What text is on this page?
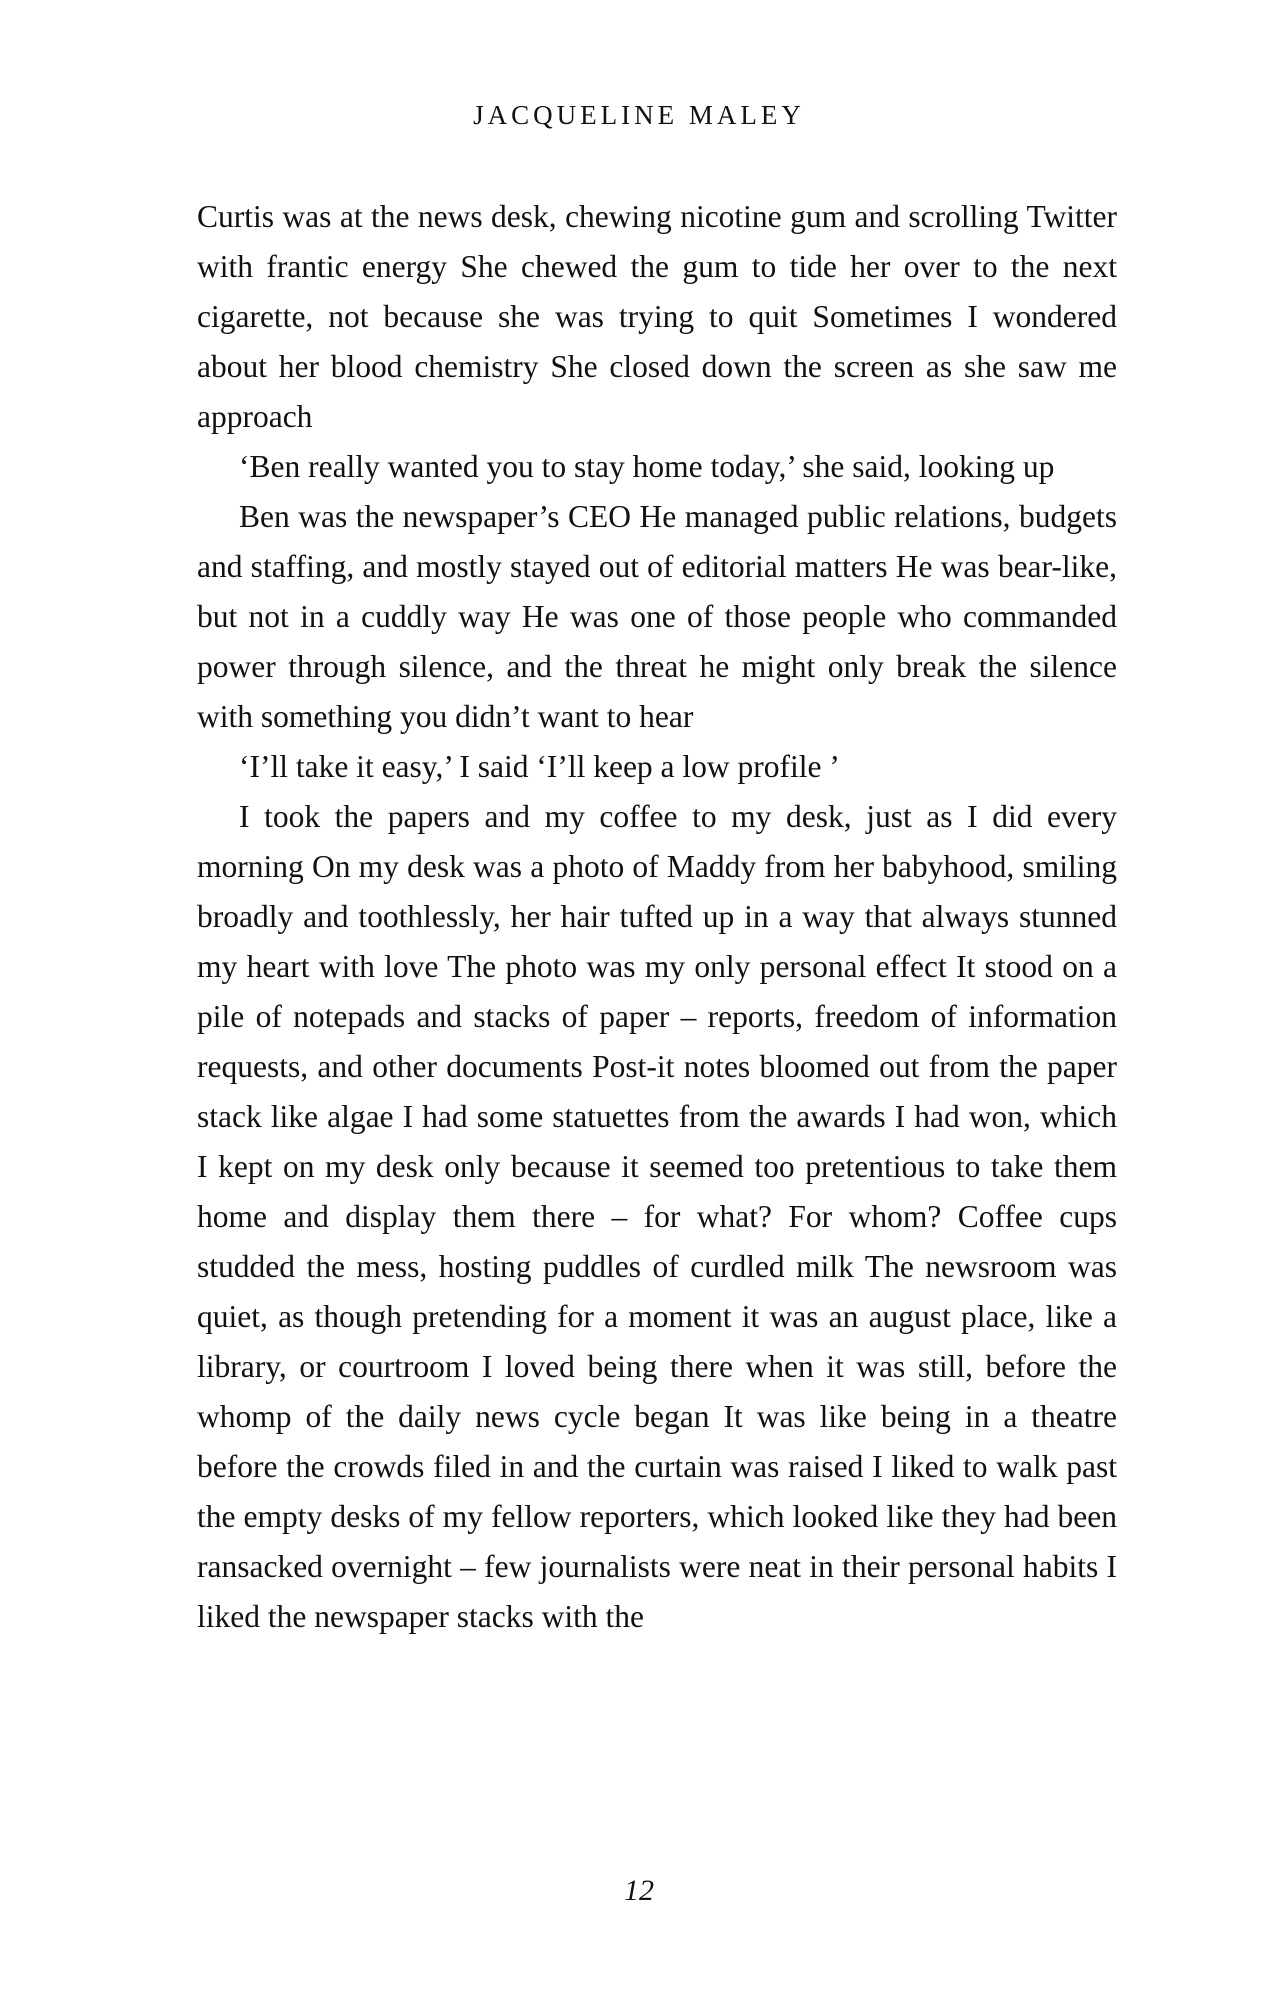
JACQUELINE MALEY

Curtis was at the news desk, chewing nicotine gum and scrolling Twitter with frantic energy She chewed the gum to tide her over to the next cigarette, not because she was trying to quit Sometimes I wondered about her blood chemistry She closed down the screen as she saw me approach

‘Ben really wanted you to stay home today,’ she said, looking up

Ben was the newspaper’s CEO He managed public relations, budgets and staffing, and mostly stayed out of editorial matters He was bear-like, but not in a cuddly way He was one of those people who commanded power through silence, and the threat he might only break the silence with something you didn’t want to hear

‘I’ll take it easy,’ I said ‘I’ll keep a low profile ’

I took the papers and my coffee to my desk, just as I did every morning On my desk was a photo of Maddy from her babyhood, smiling broadly and toothlessly, her hair tufted up in a way that always stunned my heart with love The photo was my only personal effect It stood on a pile of notepads and stacks of paper – reports, freedom of information requests, and other documents Post-it notes bloomed out from the paper stack like algae I had some statuettes from the awards I had won, which I kept on my desk only because it seemed too pretentious to take them home and display them there – for what? For whom? Coffee cups studded the mess, hosting puddles of curdled milk The newsroom was quiet, as though pretending for a moment it was an august place, like a library, or courtroom I loved being there when it was still, before the whomp of the daily news cycle began It was like being in a theatre before the crowds filed in and the curtain was raised I liked to walk past the empty desks of my fellow reporters, which looked like they had been ransacked overnight – few journalists were neat in their personal habits I liked the newspaper stacks with the

12
